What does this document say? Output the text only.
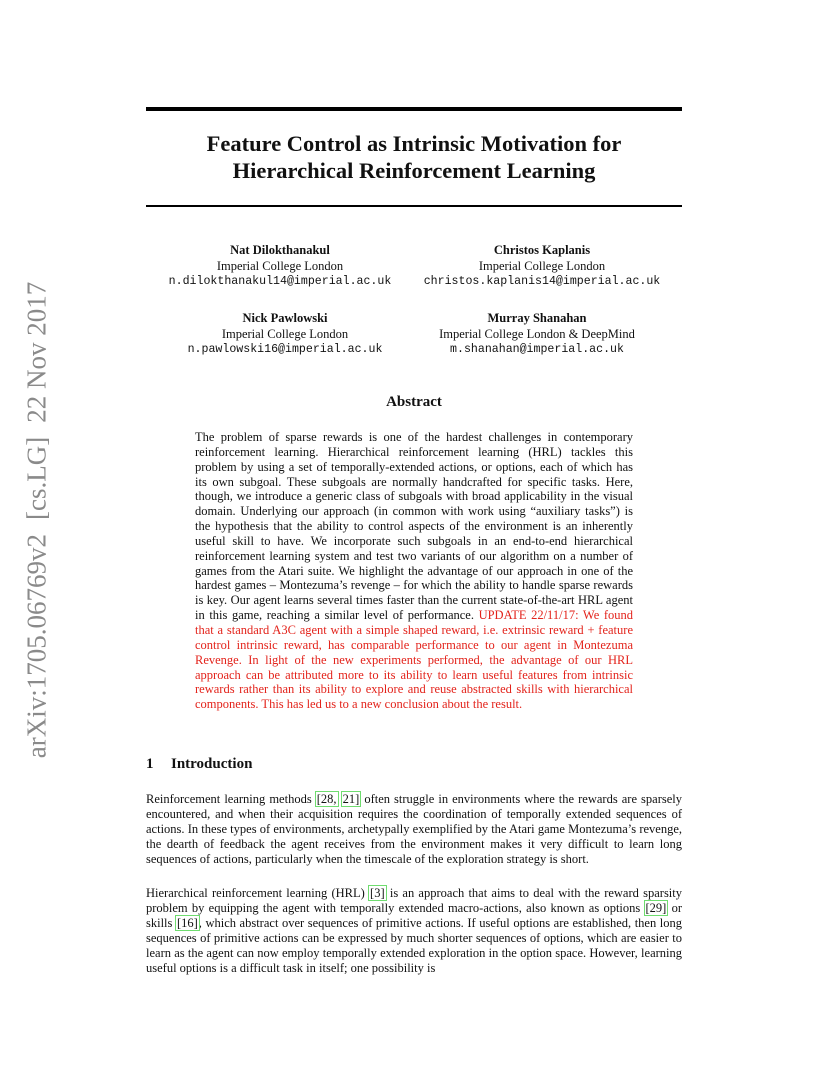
arXiv:1705.06769v2[cs.LG]22 Nov 2017
Feature Control as Intrinsic Motivation for
Hierarchical Reinforcement Learning
Nat Dilokthanakul
Imperial College London
n.dilokthanakul14@imperial.ac.uk
Christos Kaplanis
Imperial College London
christos.kaplanis14@imperial.ac.uk
Nick Pawlowski
Imperial College London
n.pawlowski16@imperial.ac.uk
Murray Shanahan
Imperial College London & DeepMind
m.shanahan@imperial.ac.uk
Abstract

The problem of sparse rewards is one of the hardest challenges in contemporary reinforcement learning. Hierarchical reinforcement learning (HRL) tackles this problem by using a set of temporally-extended actions, or options, each of which has its own subgoal. These subgoals are normally handcrafted for specific tasks. Here, though, we introduce a generic class of subgoals with broad applicability in the visual domain. Underlying our approach (in common with work using “auxiliary tasks”) is the hypothesis that the ability to control aspects of the environment is an inherently useful skill to have. We incorporate such subgoals in an end-to-end hierarchical reinforcement learning system and test two variants of our algorithm on a number of games from the Atari suite. We highlight the advantage of our approach in one of the hardest games – Montezuma’s revenge – for which the ability to handle sparse rewards is key. Our agent learns several times faster than the current state-of-the-art HRL agent in this game, reaching a similar level of performance. UPDATE 22/11/17: We found that a standard A3C agent with a simple shaped reward, i.e. extrinsic reward + feature control intrinsic reward, has comparable performance to our agent in Montezuma Revenge. In light of the new experiments performed, the advantage of our HRL approach can be attributed more to its ability to learn useful features from intrinsic rewards rather than its ability to explore and reuse abstracted skills with hierarchical components. This has led us to a new conclusion about the result.

1 Introduction

Reinforcement learning methods [28, 21] often struggle in environments where the rewards are sparsely encountered, and when their acquisition requires the coordination of temporally extended sequences of actions. In these types of environments, archetypally exemplified by the Atari game Montezuma’s revenge, the dearth of feedback the agent receives from the environment makes it very difficult to learn long sequences of actions, particularly when the timescale of the exploration strategy is short.

Hierarchical reinforcement learning (HRL) [3] is an approach that aims to deal with the reward sparsity problem by equipping the agent with temporally extended macro-actions, also known as options [29] or skills [16], which abstract over sequences of primitive actions. If useful options are established, then long sequences of primitive actions can be expressed by much shorter sequences of options, which are easier to learn as the agent can now employ temporally extended exploration in the option space. However, learning useful options is a difficult task in itself; one possibility is
